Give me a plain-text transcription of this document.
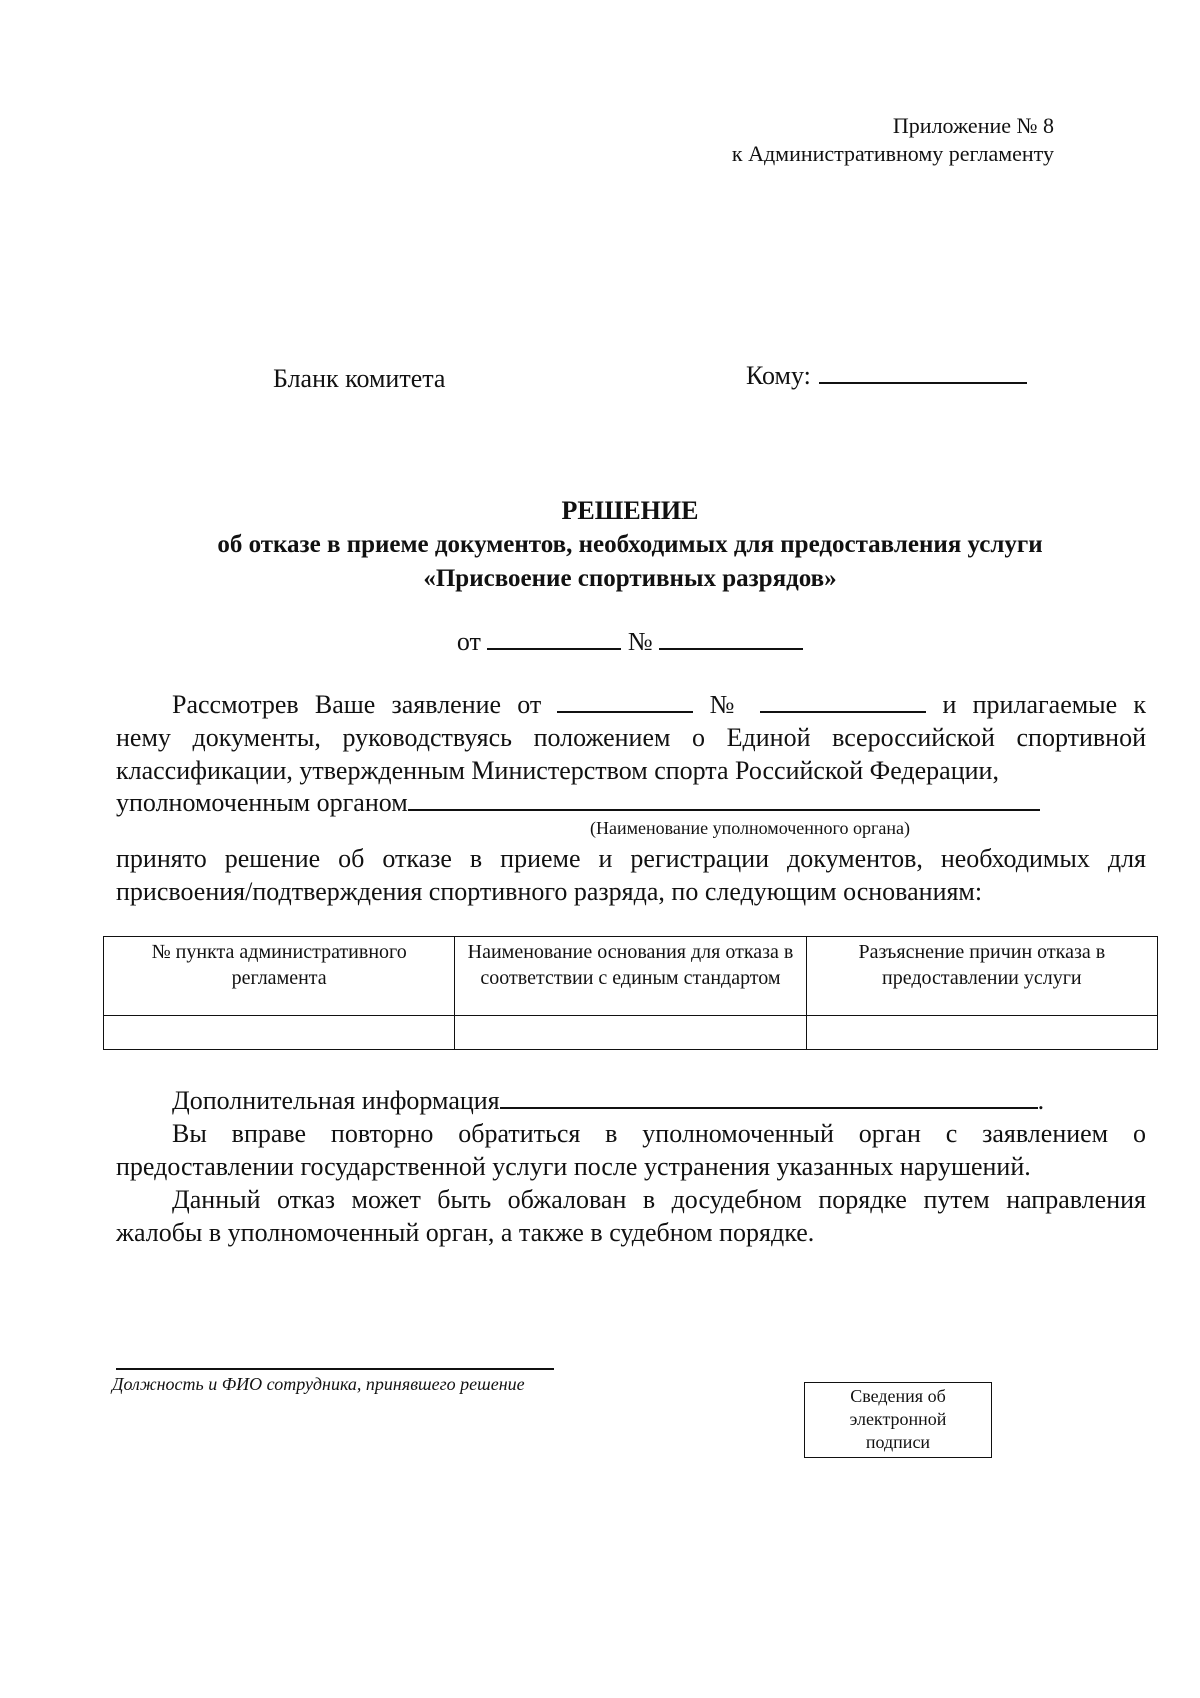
Приложение № 8
к Административному регламенту
Бланк комитета	Кому:
РЕШЕНИЕ
об отказе в приеме документов, необходимых для предоставления услуги
«Присвоение спортивных разрядов»
от	№
Рассмотрев Ваше заявление от	№	и прилагаемые к
нему документы, руководствуясь положением о Единой всероссийской спортивной классификации, утвержденным Министерством спорта Российской Федерации,
уполномоченным органом
(Наименование уполномоченного органа)
принято решение об отказе в приеме и регистрации документов, необходимых для присвоения/подтверждения спортивного разряда, по следующим основаниям:
№ пункта административного регламента	Наименование основания для отказа в соответствии с единым стандартом	Разъяснение причин отказа в предоставлении услуги

Дополнительная информация	.
Вы вправе повторно обратиться в уполномоченный орган с заявлением о предоставлении государственной услуги после устранения указанных нарушений.
Данный отказ может быть обжалован в досудебном порядке путем направления жалобы в уполномоченный орган, а также в судебном порядке.
Должность и ФИО сотрудника, принявшего решение
Сведения об
электронной
подписи
